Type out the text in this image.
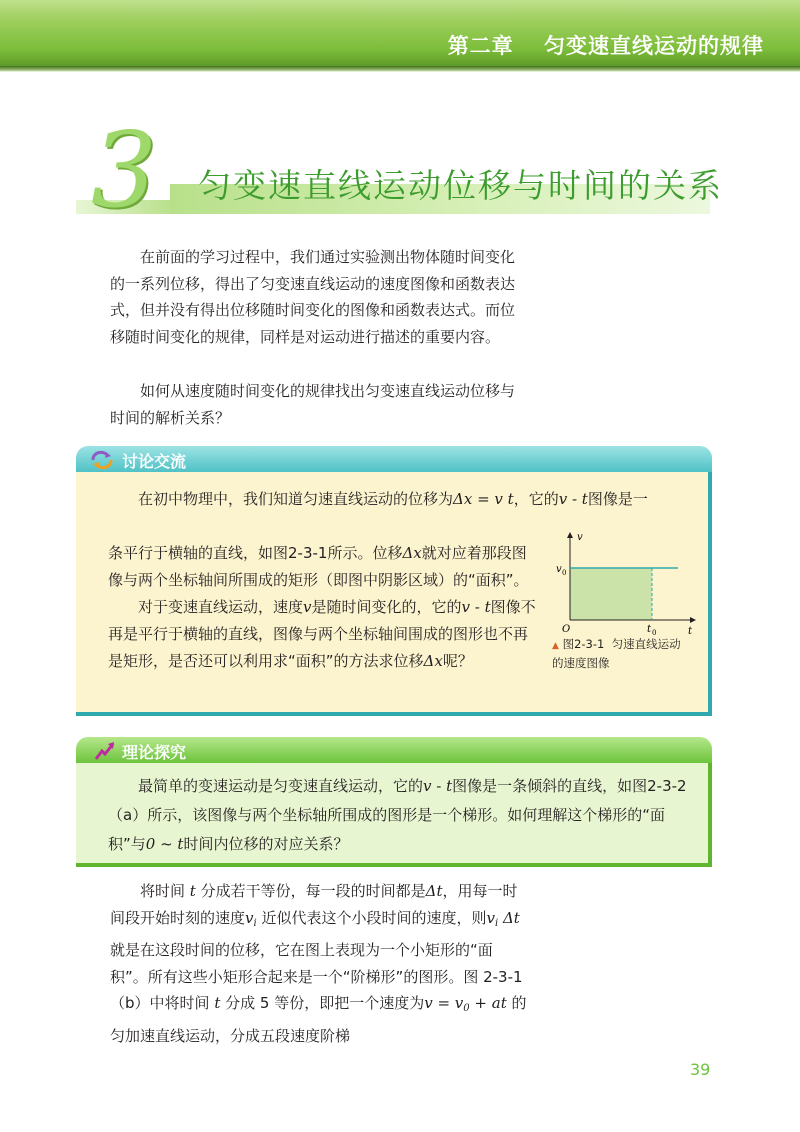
第二章　 匀变速直线运动的规律
3	匀变速直线运动位移与时间的关系

在前面的学习过程中，我们通过实验测出物体随时间变化的一系列位移，得出了匀变速直线运动的速度图像和函数表达式，但并没有得出位移随时间变化的图像和函数表达式。而位移随时间变化的规律，同样是对运动进行描述的重要内容。

如何从速度随时间变化的规律找出匀变速直线运动位移与时间的解析关系？

讨论交流

在初中物理中，我们知道匀速直线运动的位移为Δx = v t，它的v - t图像是一

条平行于横轴的直线，如图2-3-1所示。位移Δx就对应着那段图像与两个坐标轴间所围成的矩形（即图中阴影区域）的“面积”。

对于变速直线运动，速度v是随时间变化的，它的v - t图像不再是平行于横轴的直线，图像与两个坐标轴间围成的图形也不再是矩形，是否还可以利用求“面积”的方法求位移Δx呢？

v
t
O
v 0
t 0

▲ 图2-3-1 匀速直线运动的速度图像

理论探究

最简单的变速运动是匀变速直线运动，它的v - t图像是一条倾斜的直线，如图2-3-2（a）所示，该图像与两个坐标轴所围成的图形是一个梯形。如何理解这个梯形的“面积”与0 ~ t时间内位移的对应关系？

将时间 t 分成若干等份，每一段的时间都是Δt，用每一时间段开始时刻的速度$v_i$ 近似代表这个小段时间的速度，则$v_i$ Δt 就是在这段时间的位移，它在图上表现为一个小矩形的“面积”。所有这些小矩形合起来是一个“阶梯形”的图形。图 2-3-1（b）中将时间 t 分成 5 等份，即把一个速度为$v = v_0$ + at 的匀加速直线运动，分成五段速度阶梯

39
